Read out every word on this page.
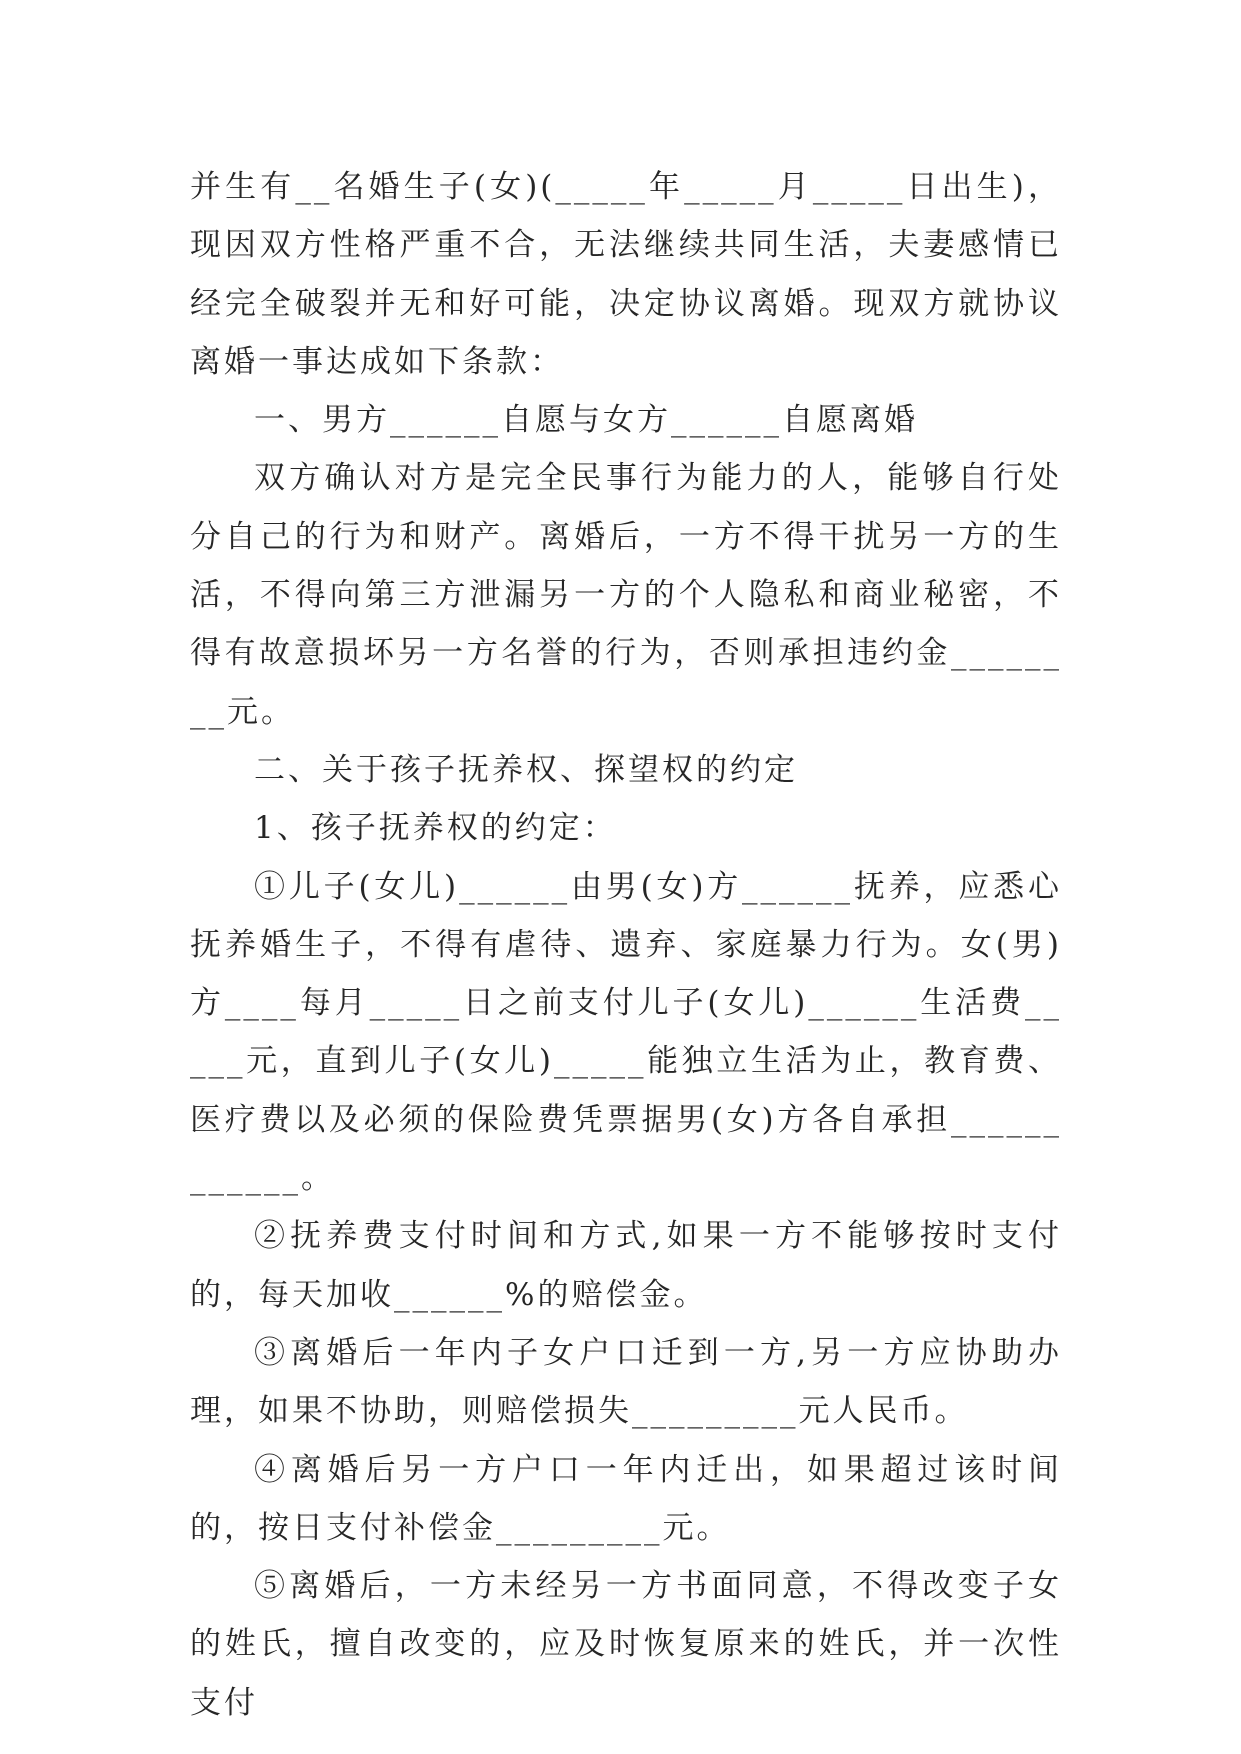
并生有__名婚生子(女)(_____年_____月_____日出生)，现因双方性格严重不合，无法继续共同生活，夫妻感情已经完全破裂并无和好可能，决定协议离婚。现双方就协议离婚一事达成如下条款：

一、男方______自愿与女方______自愿离婚

双方确认对方是完全民事行为能力的人，能够自行处分自己的行为和财产。离婚后，一方不得干扰另一方的生活，不得向第三方泄漏另一方的个人隐私和商业秘密，不得有故意损坏另一方名誉的行为，否则承担违约金________元。

二、关于孩子抚养权、探望权的约定

1、孩子抚养权的约定：

①儿子(女儿)______由男(女)方______抚养，应悉心抚养婚生子，不得有虐待、遗弃、家庭暴力行为。女(男)方____每月_____日之前支付儿子(女儿)______生活费_____元，直到儿子(女儿)_____能独立生活为止，教育费、医疗费以及必须的保险费凭票据男(女)方各自承担____________。

②抚养费支付时间和方式,如果一方不能够按时支付的，每天加收______%的赔偿金。

③离婚后一年内子女户口迁到一方,另一方应协助办理，如果不协助，则赔偿损失_________元人民币。

④离婚后另一方户口一年内迁出，如果超过该时间的，按日支付补偿金_________元。

⑤离婚后，一方未经另一方书面同意，不得改变子女的姓氏，擅自改变的，应及时恢复原来的姓氏，并一次性支付
